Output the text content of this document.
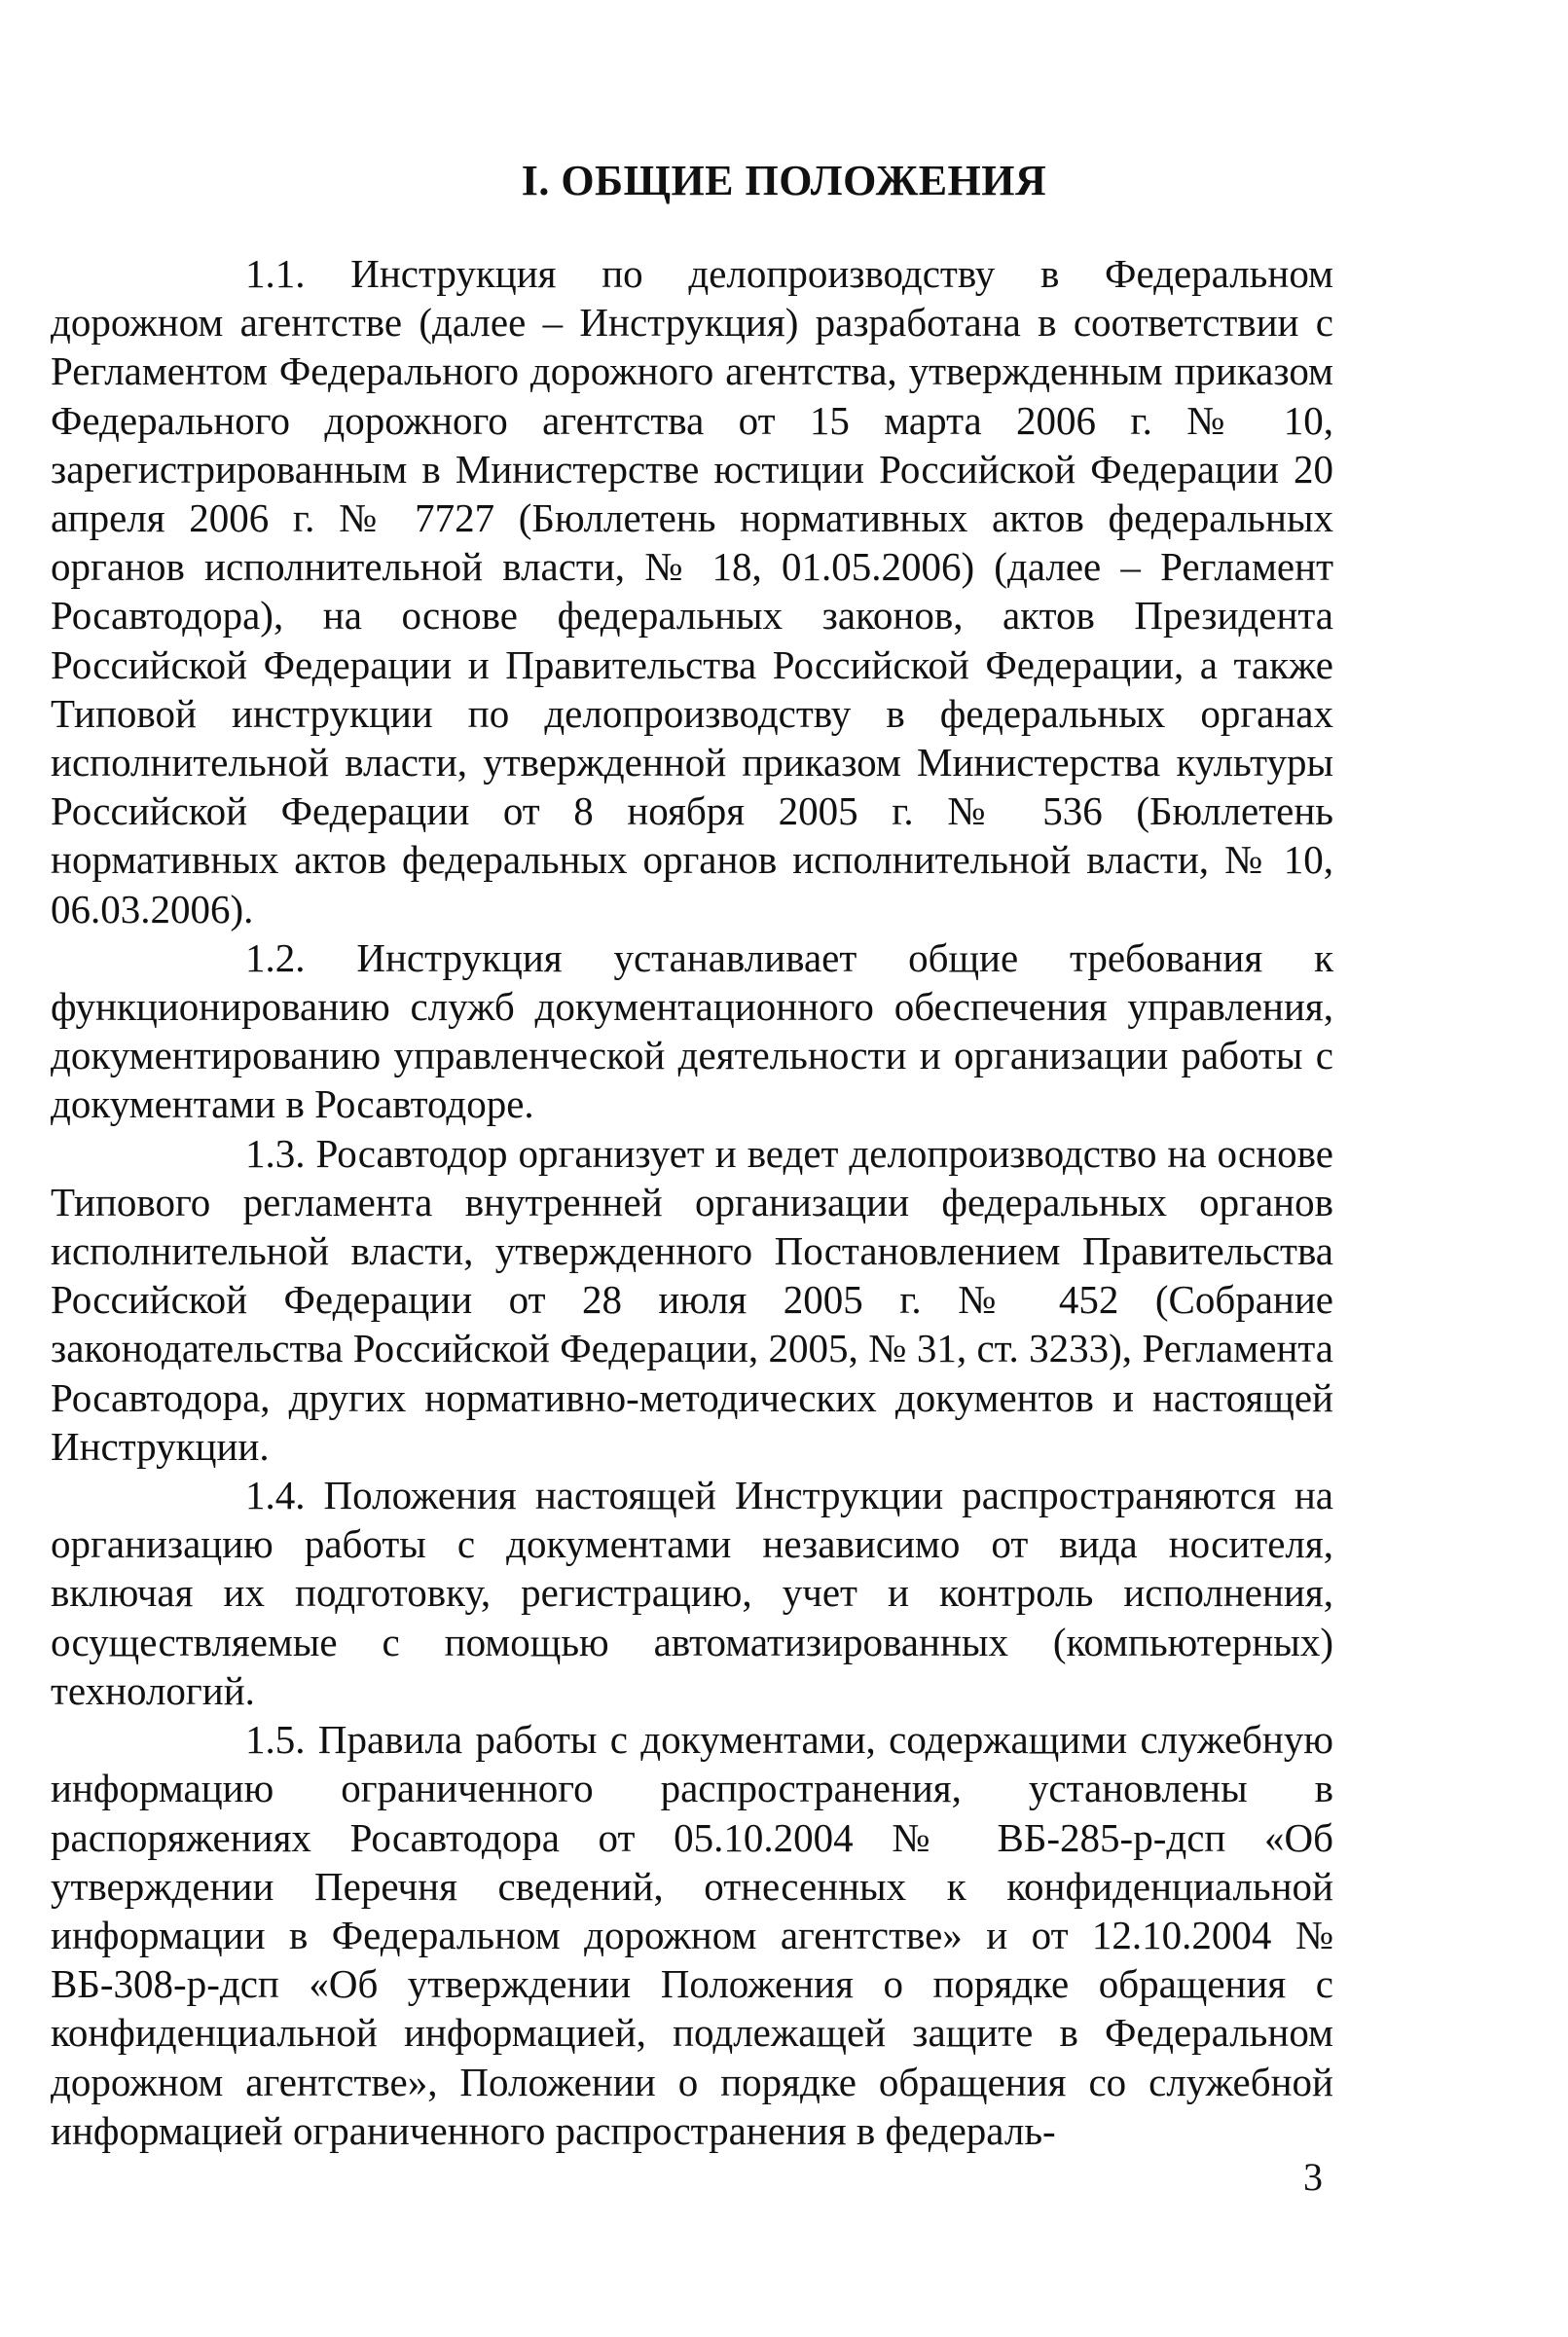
I. ОБЩИЕ ПОЛОЖЕНИЯ

1.1. Инструкция по делопроизводству в Федеральном дорожном агентстве (далее – Инструкция) разработана в соответствии с Регламентом Федерального дорожного агентства, утвержденным приказом Федерального дорожного агентства от 15 марта 2006 г. № 10, зарегистрированным в Министерстве юстиции Российской Федерации 20 апреля 2006 г. № 7727 (Бюллетень нормативных актов федеральных органов исполнительной власти, № 18, 01.05.2006) (далее – Регламент Росавтодора), на основе федеральных законов, актов Президента Российской Федерации и Правительства Российской Федерации, а также Типовой инструкции по делопроизводству в федеральных органах исполнительной власти, утвержденной приказом Министерства культуры Российской Федерации от 8 ноября 2005 г. № 536 (Бюллетень нормативных актов федеральных органов исполнительной власти, № 10, 06.03.2006).

1.2. Инструкция устанавливает общие требования к функционированию служб документационного обеспечения управления, документированию управленческой деятельности и организации работы с документами в Росавтодоре.

1.3. Росавтодор организует и ведет делопроизводство на основе Типового регламента внутренней организации федеральных органов исполнительной власти, утвержденного Постановлением Правительства Российской Федерации от 28 июля 2005 г. № 452 (Собрание законодательства Российской Федерации, 2005, № 31, ст. 3233), Регламента Росавтодора, других нормативно-методических документов и настоящей Инструкции.

1.4. Положения настоящей Инструкции распространяются на организацию работы с документами независимо от вида носителя, включая их подготовку, регистрацию, учет и контроль исполнения, осуществляемые с помощью автоматизированных (компьютерных) технологий.

1.5. Правила работы с документами, содержащими служебную информацию ограниченного распространения, установлены в распоряжениях Росавтодора от 05.10.2004 № ВБ-285-р-дсп «Об утверждении Перечня сведений, отнесенных к конфиденциальной информации в Федеральном дорожном агентстве» и от 12.10.2004 № ВБ-308-р-дсп «Об утверждении Положения о порядке обращения с конфиденциальной информацией, подлежащей защите в Федеральном дорожном агентстве», Положении о порядке обращения со служебной информацией ограниченного распространения в федераль-

3
